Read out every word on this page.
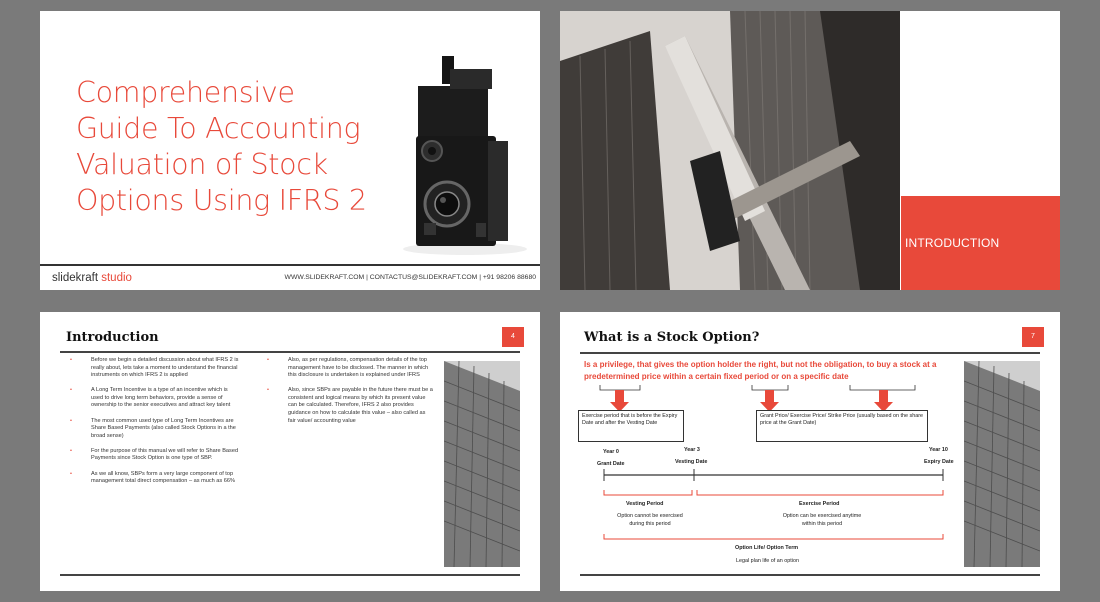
Comprehensive Guide To Accounting Valuation of Stock Options Using IFRS 2
slidekraft studio	WWW.SLIDEKRAFT.COM | CONTACTUS@SLIDEKRAFT.COM | +91 98206 88680
INTRODUCTION
Introduction	4
•	Before we begin a detailed discussion about what IFRS 2 is really about, lets take a moment to understand the financial instruments on which IFRS 2 is applied
•	A Long Term Incentive is a type of an incentive which is used to drive long term behaviors, provide a sense of ownership to the senior executives and attract key talent
•	The most common used type of Long Term Incentives are Share Based Payments (also called Stock Options in a the broad sense)
•	For the purpose of this manual we will refer to Share Based Payments since Stock Option is one type of SBP.
•	As we all know, SBPs form a very large component of top management total direct compensation – as much as 66%
•	Also, as per regulations, compensation details of the top management have to be disclosed. The manner in which this disclosure is undertaken is explained under IFRS
•	Also, since SBPs are payable in the future there must be a consistent and logical means by which its present value can be calculated. Therefore, IFRS 2 also provides guidance on how to calculate this value – also called as fair value/ accounting value
What is a Stock Option?	7
Is a privilege, that gives the option holder the right, but not the obligation, to buy a stock at a predetermined price within a certain fixed period or on a specific date
Exercise period that is before the Expiry Date and after the Vesting Date
Grant Price/ Exercise Price/ Strike Price (usually based on the share price at the Grant Date)
Year 0	Year 3	Year 10
Grant Date	Vesting Date	Expiry Date
Vesting Period
Option cannot be exercised during this period
Exercise Period
Option can be exercised anytime within this period
Option Life/ Option Term
Legal plan life of an option
